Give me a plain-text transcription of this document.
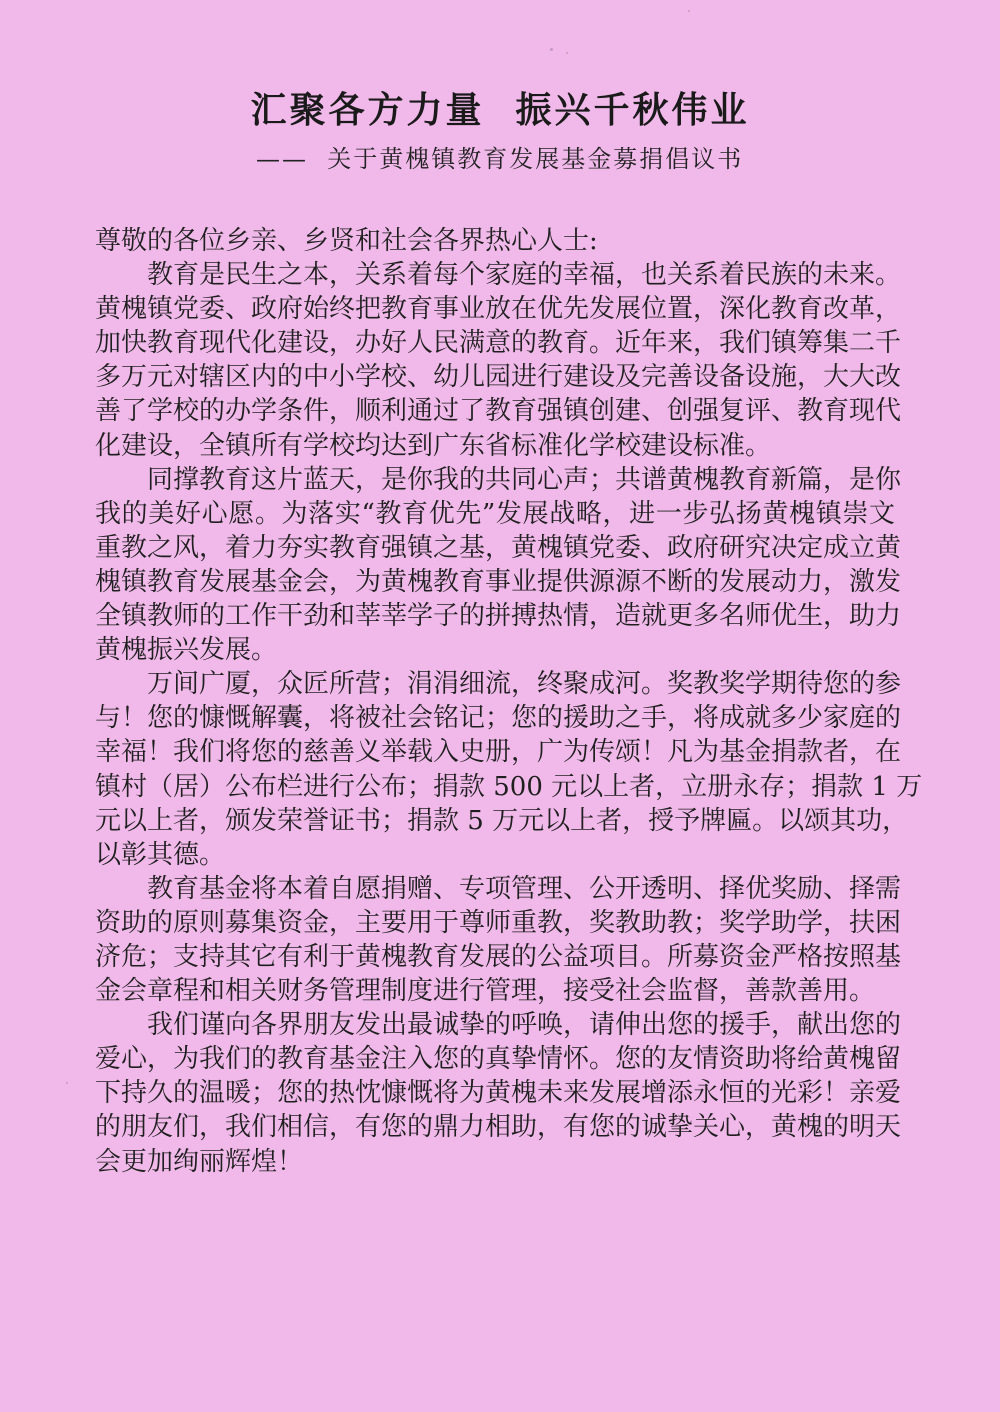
汇聚各方力量  振兴千秋伟业
——  关于黄槐镇教育发展基金募捐倡议书
尊敬的各位乡亲、乡贤和社会各界热心人士:
教育是民生之本，关系着每个家庭的幸福，也关系着民族的未来。
黄槐镇党委、政府始终把教育事业放在优先发展位置，深化教育改革，
加快教育现代化建设，办好人民满意的教育。近年来，我们镇筹集二千
多万元对辖区内的中小学校、幼儿园进行建设及完善设备设施，大大改
善了学校的办学条件，顺利通过了教育强镇创建、创强复评、教育现代
化建设，全镇所有学校均达到广东省标准化学校建设标准。
同撑教育这片蓝天，是你我的共同心声；共谱黄槐教育新篇，是你
我的美好心愿。为落实“教育优先”发展战略，进一步弘扬黄槐镇崇文
重教之风，着力夯实教育强镇之基，黄槐镇党委、政府研究决定成立黄
槐镇教育发展基金会，为黄槐教育事业提供源源不断的发展动力，激发
全镇教师的工作干劲和莘莘学子的拼搏热情，造就更多名师优生，助力
黄槐振兴发展。
万间广厦，众匠所营；涓涓细流，终聚成河。奖教奖学期待您的参
与！您的慷慨解囊，将被社会铭记；您的援助之手，将成就多少家庭的
幸福！我们将您的慈善义举载入史册，广为传颂！凡为基金捐款者，在
镇村（居）公布栏进行公布；捐款 500 元以上者，立册永存；捐款 1 万
元以上者，颁发荣誉证书；捐款 5 万元以上者，授予牌匾。以颂其功，
以彰其德。
教育基金将本着自愿捐赠、专项管理、公开透明、择优奖励、择需
资助的原则募集资金，主要用于尊师重教，奖教助教；奖学助学，扶困
济危；支持其它有利于黄槐教育发展的公益项目。所募资金严格按照基
金会章程和相关财务管理制度进行管理，接受社会监督，善款善用。
我们谨向各界朋友发出最诚挚的呼唤，请伸出您的援手，献出您的
爱心，为我们的教育基金注入您的真挚情怀。您的友情资助将给黄槐留
下持久的温暖；您的热忱慷慨将为黄槐未来发展增添永恒的光彩！亲爱
的朋友们，我们相信，有您的鼎力相助，有您的诚挚关心，黄槐的明天
会更加绚丽辉煌！
